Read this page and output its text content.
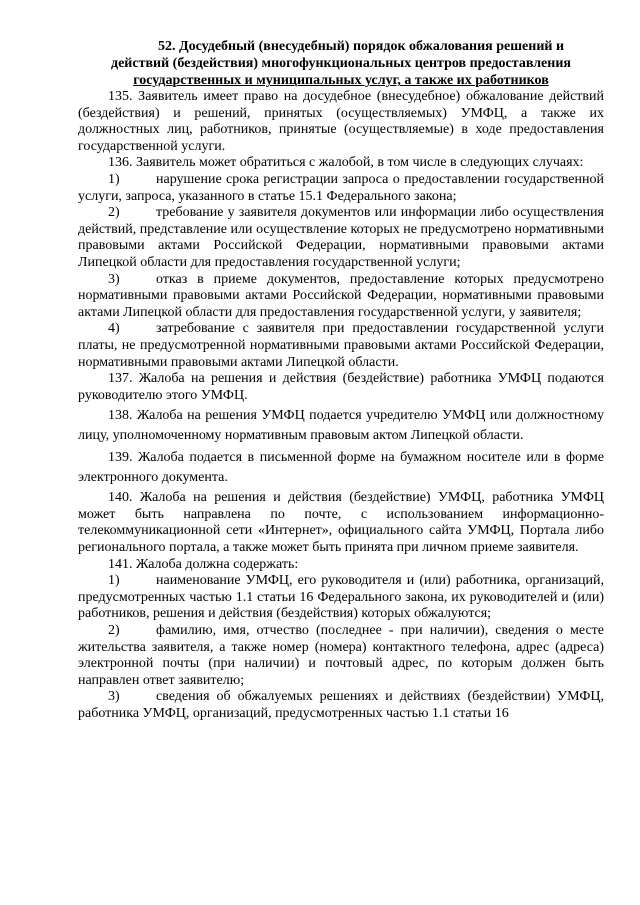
52. Досудебный (внесудебный) порядок обжалования решений и
действий (бездействия) многофункциональных центров предоставления
государственных и муниципальных услуг, а также их работников

135. Заявитель имеет право на досудебное (внесудебное) обжалование действий (бездействия) и решений, принятых (осуществляемых) УМФЦ, а также их должностных лиц, работников, принятые (осуществляемые) в ходе предоставления государственной услуги.

136. Заявитель может обратиться с жалобой, в том числе в следующих случаях:

1)	нарушение срока регистрации запроса о предоставлении государственной услуги, запроса, указанного в статье 15.1 Федерального закона;

2)	требование у заявителя документов или информации либо осуществления действий, представление или осуществление которых не предусмотрено нормативными правовыми актами Российской Федерации, нормативными правовыми актами Липецкой области для предоставления государственной услуги;

3)	отказ в приеме документов, предоставление которых предусмотрено нормативными правовыми актами Российской Федерации, нормативными правовыми актами Липецкой области для предоставления государственной услуги, у заявителя;

4)	затребование с заявителя при предоставлении государственной услуги платы, не предусмотренной нормативными правовыми актами Российской Федерации, нормативными правовыми актами Липецкой области.

137. Жалоба на решения и действия (бездействие) работника УМФЦ подаются руководителю этого УМФЦ.

138. Жалоба на решения УМФЦ подается учредителю УМФЦ или должностному лицу, уполномоченному нормативным правовым актом Липецкой области.

139. Жалоба подается в письменной форме на бумажном носителе или в форме электронного документа.

140. Жалоба на решения и действия (бездействие) УМФЦ, работника УМФЦ может быть направлена по почте, с использованием информационно-телекоммуникационной сети «Интернет», официального сайта УМФЦ, Портала либо регионального портала, а также может быть принята при личном приеме заявителя.

141. Жалоба должна содержать:

1)	наименование УМФЦ, его руководителя и (или) работника, организаций, предусмотренных частью 1.1 статьи 16 Федерального закона, их руководителей и (или) работников, решения и действия (бездействия) которых обжалуются;

2)	фамилию, имя, отчество (последнее - при наличии), сведения о месте жительства заявителя, а также номер (номера) контактного телефона, адрес (адреса) электронной почты (при наличии) и почтовый адрес, по которым должен быть направлен ответ заявителю;

3)	сведения об обжалуемых решениях и действиях (бездействии) УМФЦ, работника УМФЦ, организаций, предусмотренных частью 1.1 статьи 16
